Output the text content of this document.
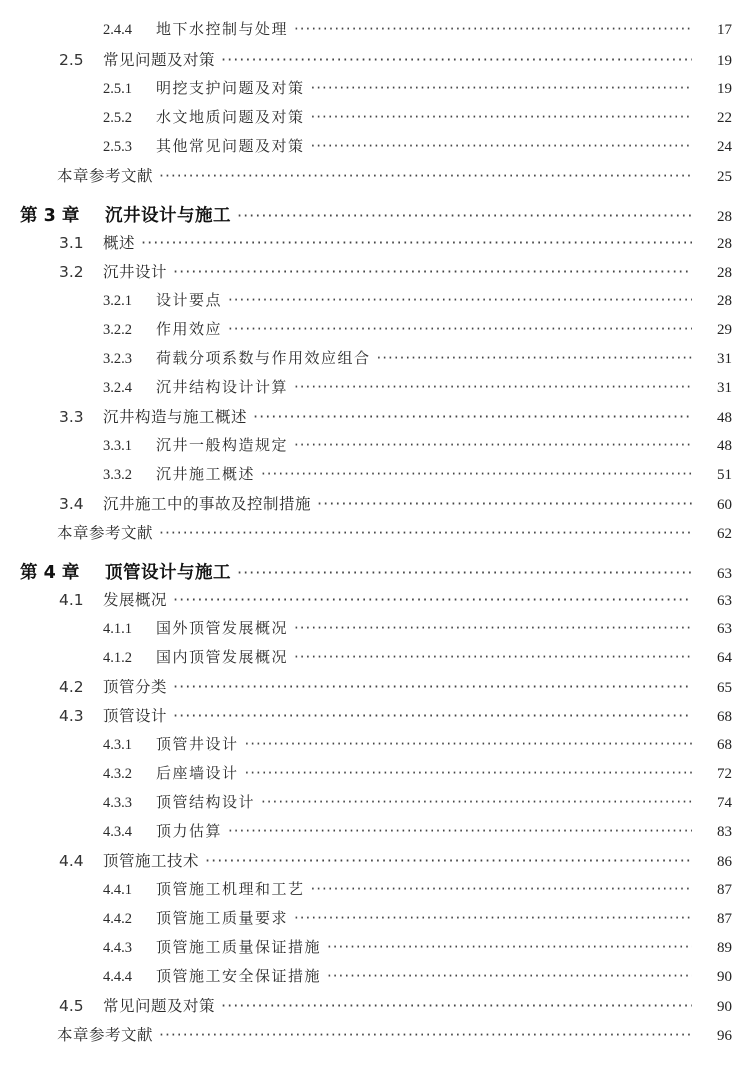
2.4.4	地下水控制与处理 ·····	17
2.5	常见问题及对策 ·····	19
2.5.1	明挖支护问题及对策 ·····	19
2.5.2	水文地质问题及对策 ·····	22
2.5.3	其他常见问题及对策 ·····	24
本章参考文献 ·····	25
第 3 章	沉井设计与施工 ·····	28
3.1	概述 ·····	28
3.2	沉井设计 ·····	28
3.2.1	设计要点 ·····	28
3.2.2	作用效应 ·····	29
3.2.3	荷载分项系数与作用效应组合 ·····	31
3.2.4	沉井结构设计计算 ·····	31
3.3	沉井构造与施工概述 ·····	48
3.3.1	沉井一般构造规定 ·····	48
3.3.2	沉井施工概述 ·····	51
3.4	沉井施工中的事故及控制措施 ·····	60
本章参考文献 ·····	62
第 4 章	顶管设计与施工 ·····	63
4.1	发展概况 ·····	63
4.1.1	国外顶管发展概况 ·····	63
4.1.2	国内顶管发展概况 ·····	64
4.2	顶管分类 ·····	65
4.3	顶管设计 ·····	68
4.3.1	顶管井设计 ·····	68
4.3.2	后座墙设计 ·····	72
4.3.3	顶管结构设计 ·····	74
4.3.4	顶力估算 ·····	83
4.4	顶管施工技术 ·····	86
4.4.1	顶管施工机理和工艺 ·····	87
4.4.2	顶管施工质量要求 ·····	87
4.4.3	顶管施工质量保证措施 ·····	89
4.4.4	顶管施工安全保证措施 ·····	90
4.5	常见问题及对策 ·····	90
本章参考文献 ·····	96
